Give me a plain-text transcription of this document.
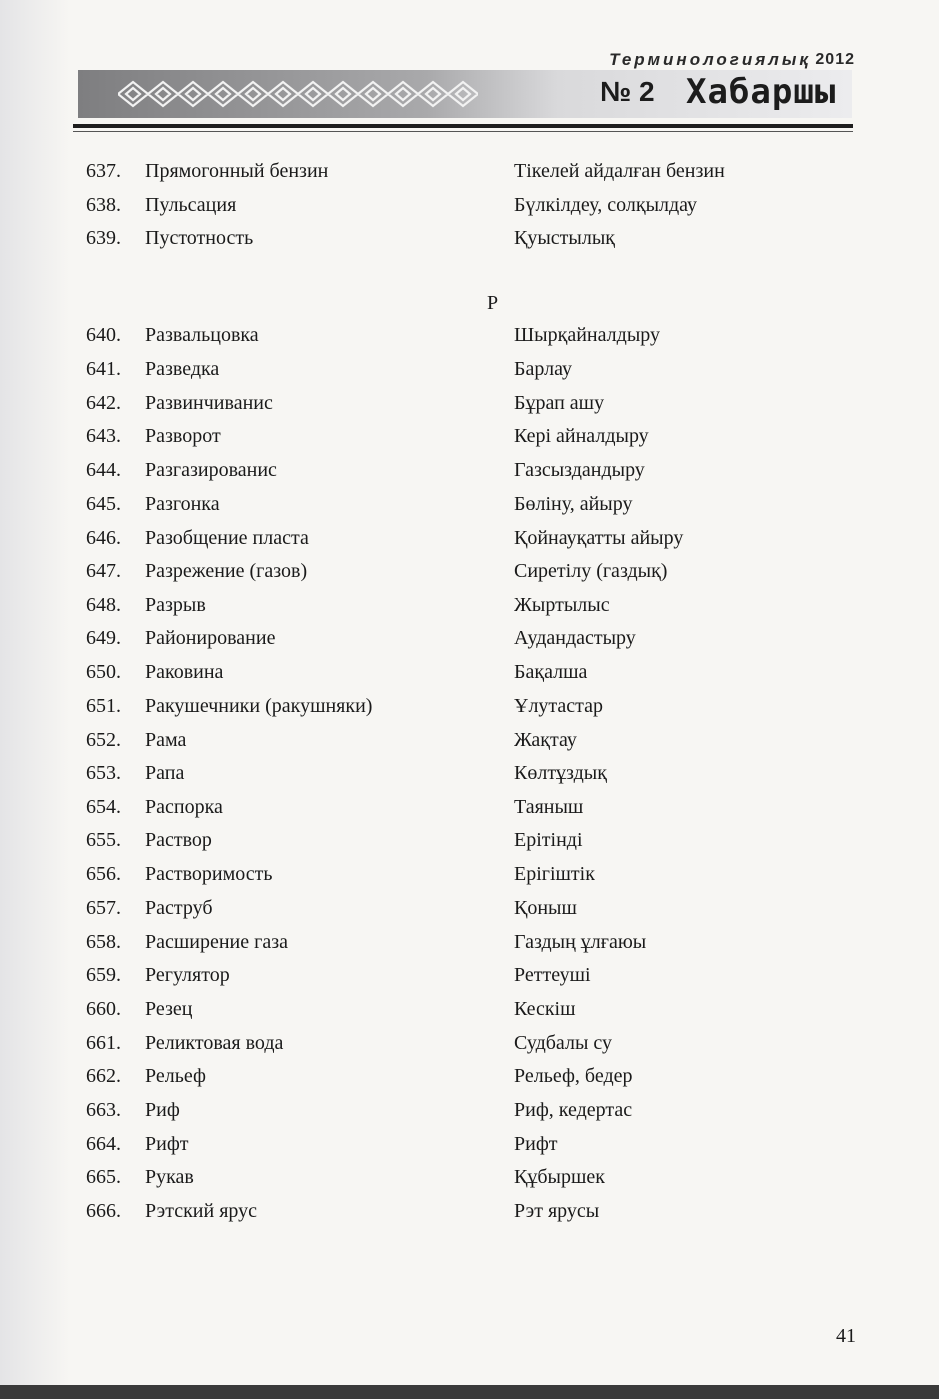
Терминологиялық 2012
№ 2 Хабаршы
637. Прямогонный бензин	Тікелей айдалған бензин
638. Пульсация	Бүлкілдеу, солқылдау
639. Пустотность	Қуыстылық
640. Развальцовка	Шырқайналдыру
641. Разведка	Барлау
642. Развинчиванис	Бұрап ашу
643. Разворот	Кері айналдыру
644. Разгазированис	Газсыздандыру
645. Разгонка	Бөліну, айыру
646. Разобщение пласта	Қойнауқатты айыру
647. Разрежение (газов)	Сиретілу (газдық)
648. Разрыв	Жыртылыс
649. Районирование	Аудандастыру
650. Раковина	Бақалша
651. Ракушечники (ракушняки)	Ұлутастар
652. Рама	Жақтау
653. Рапа	Көлтұздық
654. Распорка	Таяныш
655. Раствор	Ерітінді
656. Растворимость	Ерігіштік
657. Раструб	Қоныш
658. Расширение газа	Газдың ұлғаюы
659. Регулятор	Реттеуші
660. Резец	Кескіш
661. Реликтовая вода	Судбалы су
662. Рельеф	Рельеф, бедер
663. Риф	Риф, кедертас
664. Рифт	Рифт
665. Рукав	Құбыршек
666. Рэтский ярус	Рэт ярусы
Р
41
